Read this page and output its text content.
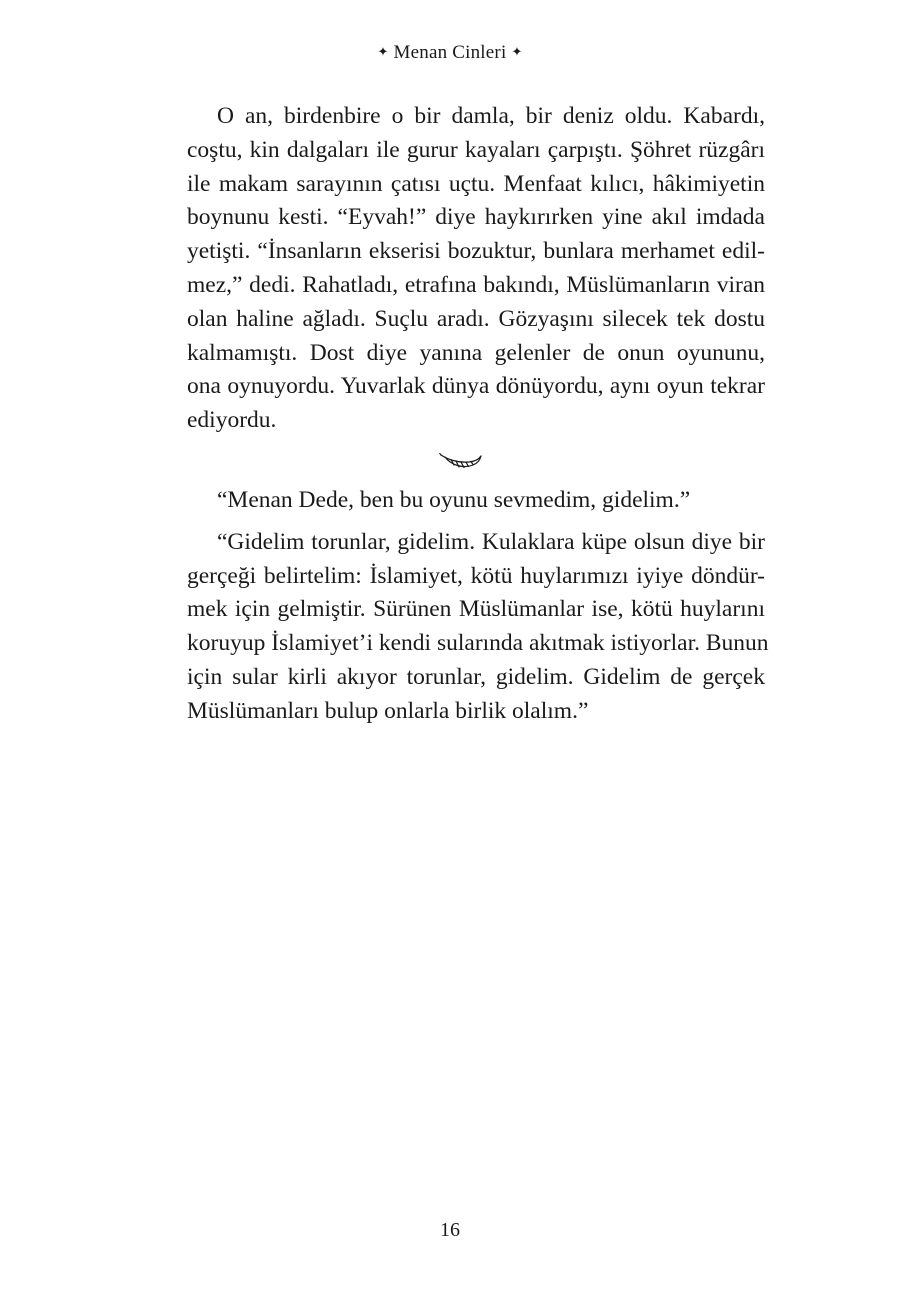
✦ Menan Cinleri ✦
O an, birdenbire o bir damla, bir deniz oldu. Kabardı,
coştu, kin dalgaları ile gurur kayaları çarpıştı. Şöhret rüzgârı
ile makam sarayının çatısı uçtu. Menfaat kılıcı, hâkimiyetin
boynunu kesti. “Eyvah!” diye haykırırken yine akıl imdada
yetişti. “İnsanların ekserisi bozuktur, bunlara merhamet edil-
mez,” dedi. Rahatladı, etrafına bakındı, Müslümanların viran
olan haline ağladı. Suçlu aradı. Gözyaşını silecek tek dostu
kalmamıştı. Dost diye yanına gelenler de onun oyununu,
ona oynuyordu. Yuvarlak dünya dönüyordu, aynı oyun tekrar
ediyordu.
“Menan Dede, ben bu oyunu sevmedim, gidelim.”
“Gidelim torunlar, gidelim. Kulaklara küpe olsun diye bir
gerçeği belirtelim: İslamiyet, kötü huylarımızı iyiye döndür-
mek için gelmiştir. Sürünen Müslümanlar ise, kötü huylarını
koruyup İslamiyet’i kendi sularında akıtmak istiyorlar. Bunun
için sular kirli akıyor torunlar, gidelim. Gidelim de gerçek
Müslümanları bulup onlarla birlik olalım.”
16
